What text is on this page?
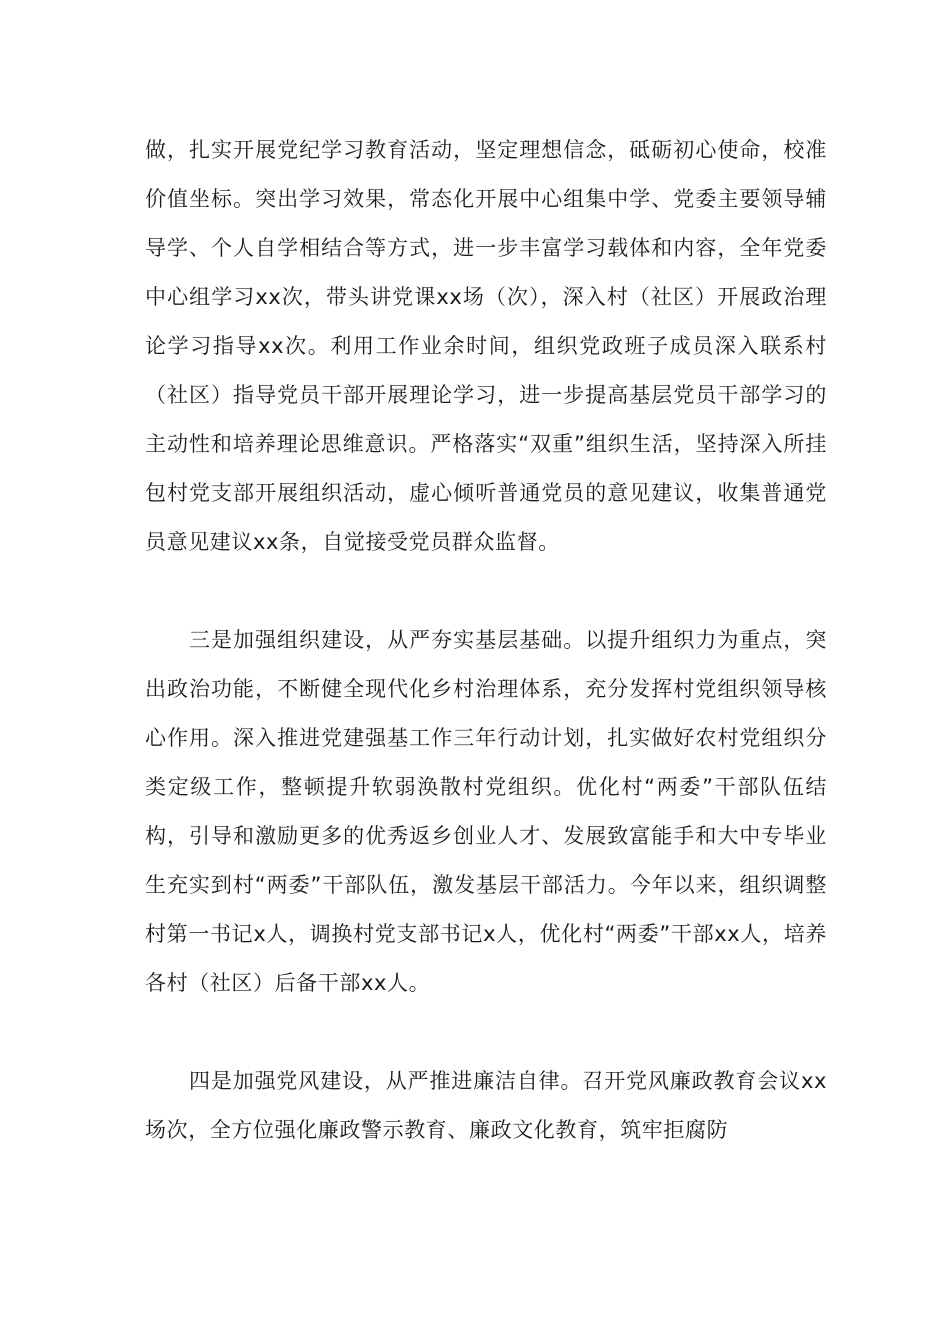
做，扎实开展党纪学习教育活动，坚定理想信念，砥砺初心使命，校准价值坐标。突出学习效果，常态化开展中心组集中学、党委主要领导辅导学、个人自学相结合等方式，进一步丰富学习载体和内容，全年党委中心组学习xx次，带头讲党课xx场（次），深入村（社区）开展政治理论学习指导xx次。利用工作业余时间，组织党政班子成员深入联系村（社区）指导党员干部开展理论学习，进一步提高基层党员干部学习的主动性和培养理论思维意识。严格落实“双重”组织生活，坚持深入所挂包村党支部开展组织活动，虚心倾听普通党员的意见建议，收集普通党员意见建议xx条，自觉接受党员群众监督。

三是加强组织建设，从严夯实基层基础。以提升组织力为重点，突出政治功能，不断健全现代化乡村治理体系，充分发挥村党组织领导核心作用。深入推进党建强基工作三年行动计划，扎实做好农村党组织分类定级工作，整顿提升软弱涣散村党组织。优化村“两委”干部队伍结构，引导和激励更多的优秀返乡创业人才、发展致富能手和大中专毕业生充实到村“两委”干部队伍，激发基层干部活力。今年以来，组织调整村第一书记x人，调换村党支部书记x人，优化村“两委”干部xx人，培养各村（社区）后备干部xx人。

四是加强党风建设，从严推进廉洁自律。召开党风廉政教育会议xx场次，全方位强化廉政警示教育、廉政文化教育，筑牢拒腐防
